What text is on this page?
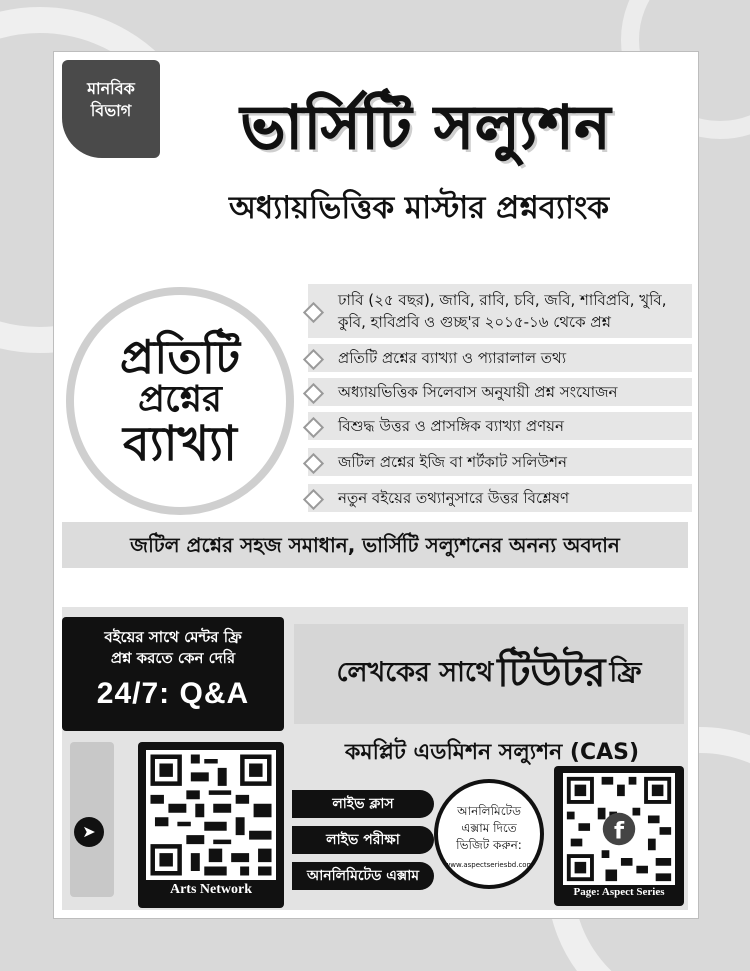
মানবিক
বিভাগ	ভার্সিটি সল্যুশন
অধ্যায়ভিত্তিক মাস্টার প্রশ্নব্যাংক
প্রতিটি
প্রশ্নের
ব্যাখ্যা
ঢাবি (২৫ বছর), জাবি, রাবি, চবি, জবি, শাবিপ্রবি, খুবি, কুবি, হাবিপ্রবি ও গুচ্ছ'র ২০১৫-১৬ থেকে প্রশ্ন
প্রতিটি প্রশ্নের ব্যাখ্যা ও প্যারালাল তথ্য
অধ্যায়ভিত্তিক সিলেবাস অনুযায়ী প্রশ্ন সংযোজন
বিশুদ্ধ উত্তর ও প্রাসঙ্গিক ব্যাখ্যা প্রণয়ন
জটিল প্রশ্নের ইজি বা শর্টকাট সলিউশন
নতুন বইয়ের তথ্যানুসারে উত্তর বিশ্লেষণ
জটিল প্রশ্নের সহজ সমাধান, ভার্সিটি সল্যুশনের অনন্য অবদান
বইয়ের সাথে মেন্টর ফ্রি
প্রশ্ন করতে কেন দেরি
24/7: Q&A
লেখকের সাথে টিউটর ফ্রি
➤
Arts Network
কমপ্লিট এডমিশন সল্যুশন (CAS)
লাইভ ক্লাস
লাইভ পরীক্ষা
আনলিমিটেড এক্সাম
আনলিমিটেড
এক্সাম দিতে
ভিজিট করুন:
www.aspectseriesbd.com
f
Page: Aspect Series
